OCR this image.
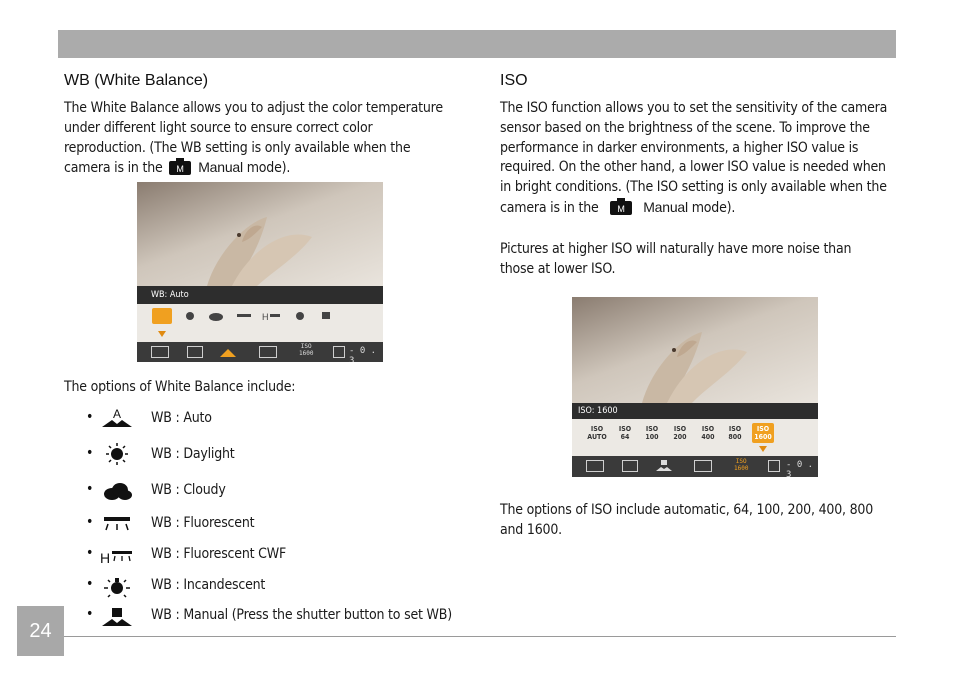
WB (White Balance)
The White Balance allows you to adjust the color temperature
under different light source to ensure correct color
reproduction. (The WB setting is only available when the
camera is in the M Manual mode).
WB: Auto
H
ISO
1600	- 0 . 3
The options of White Balance include:
• A WB : Auto
•	WB : Daylight
•	WB : Cloudy
•	WB : Fluorescent
• H	WB : Fluorescent CWF
•	WB : Incandescent
•	WB : Manual (Press the shutter button to set WB)
ISO
The ISO function allows you to set the sensitivity of the camera
sensor based on the brightness of the scene. To improve the
performance in darker environments, a higher ISO value is
required. On the other hand, a lower ISO value is needed when
in bright conditions. (The ISO setting is only available when the
camera is in the M Manual mode).
Pictures at higher ISO will naturally have more noise than
those at lower ISO.
ISO: 1600
ISO
AUTO
ISO
64
ISO
100
ISO
200
ISO
400
ISO
800
ISO
1600
ISO
1600	- 0 . 3
The options of ISO include automatic, 64, 100, 200, 400, 800
and 1600.
24
